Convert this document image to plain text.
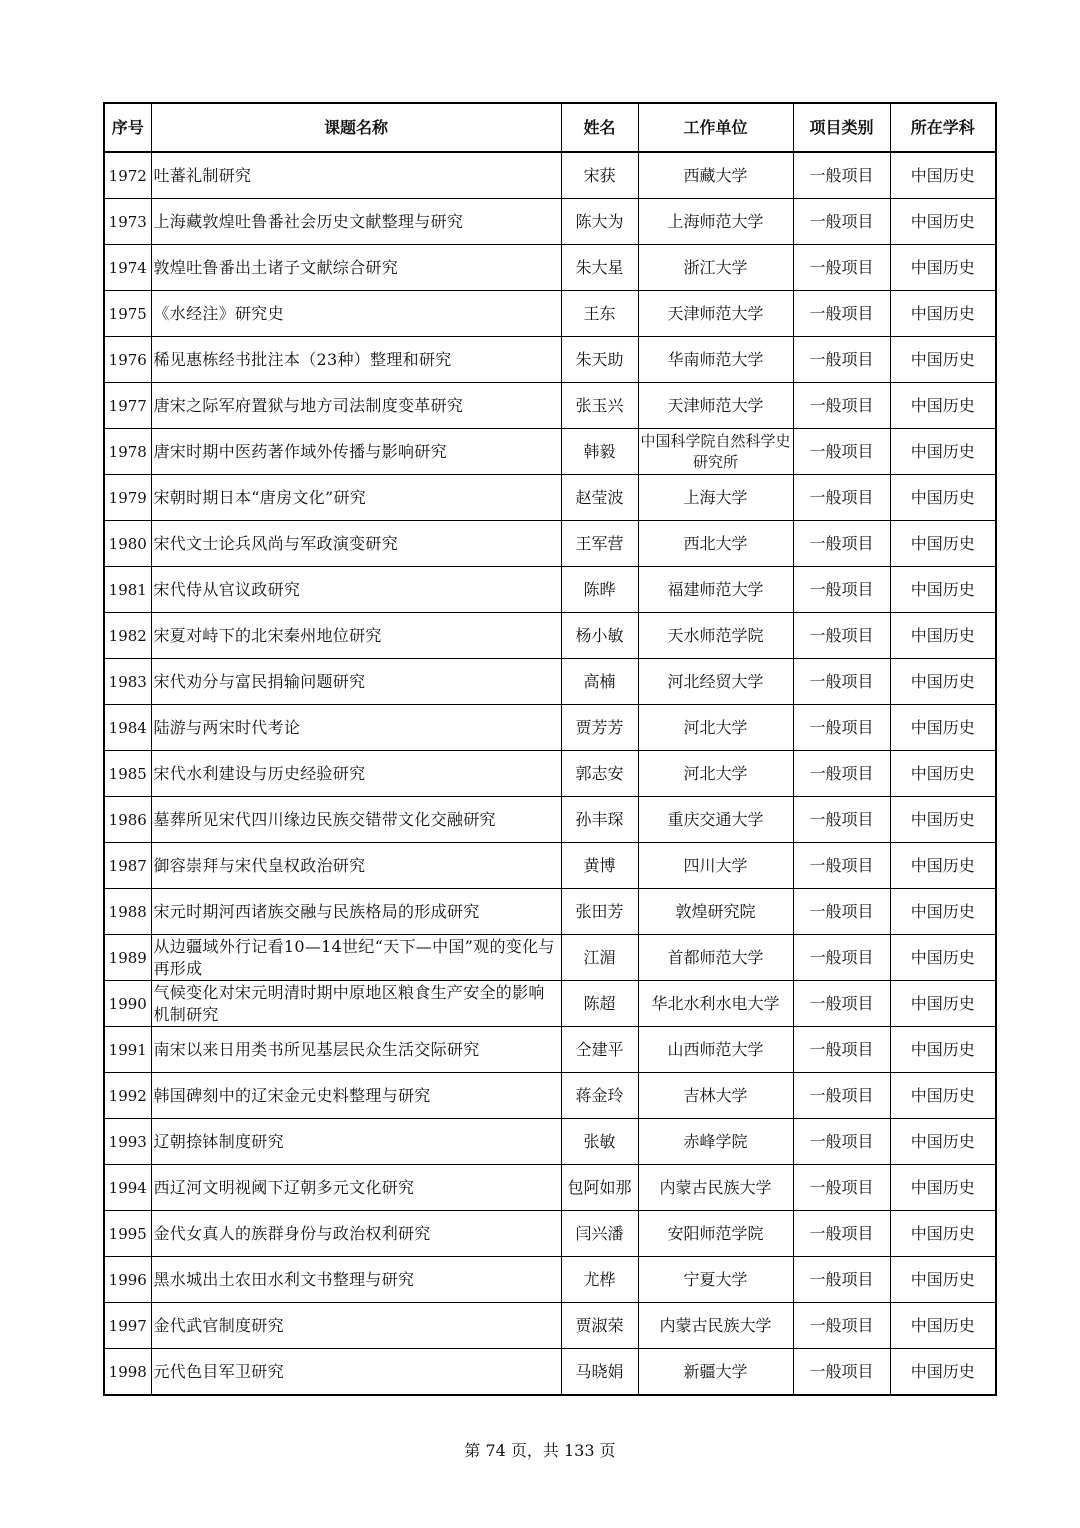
序号	课题名称	姓名	工作单位	项目类别	所在学科
1972	吐蕃礼制研究	宋获	西藏大学	一般项目	中国历史
1973	上海藏敦煌吐鲁番社会历史文献整理与研究	陈大为	上海师范大学	一般项目	中国历史
1974	敦煌吐鲁番出土诸子文献综合研究	朱大星	浙江大学	一般项目	中国历史
1975	《水经注》研究史	王东	天津师范大学	一般项目	中国历史
1976	稀见惠栋经书批注本（23种）整理和研究	朱天助	华南师范大学	一般项目	中国历史
1977	唐宋之际军府置狱与地方司法制度变革研究	张玉兴	天津师范大学	一般项目	中国历史
1978	唐宋时期中医药著作域外传播与影响研究	韩毅	中国科学院自然科学史研究所	一般项目	中国历史
1979	宋朝时期日本“唐房文化”研究	赵莹波	上海大学	一般项目	中国历史
1980	宋代文士论兵风尚与军政演变研究	王军营	西北大学	一般项目	中国历史
1981	宋代侍从官议政研究	陈晔	福建师范大学	一般项目	中国历史
1982	宋夏对峙下的北宋秦州地位研究	杨小敏	天水师范学院	一般项目	中国历史
1983	宋代劝分与富民捐输问题研究	高楠	河北经贸大学	一般项目	中国历史
1984	陆游与两宋时代考论	贾芳芳	河北大学	一般项目	中国历史
1985	宋代水利建设与历史经验研究	郭志安	河北大学	一般项目	中国历史
1986	墓葬所见宋代四川缘边民族交错带文化交融研究	孙丰琛	重庆交通大学	一般项目	中国历史
1987	御容崇拜与宋代皇权政治研究	黄博	四川大学	一般项目	中国历史
1988	宋元时期河西诸族交融与民族格局的形成研究	张田芳	敦煌研究院	一般项目	中国历史
1989	从边疆域外行记看10—14世纪“天下—中国”观的变化与再形成	江湄	首都师范大学	一般项目	中国历史
1990	气候变化对宋元明清时期中原地区粮食生产安全的影响机制研究	陈超	华北水利水电大学	一般项目	中国历史
1991	南宋以来日用类书所见基层民众生活交际研究	仝建平	山西师范大学	一般项目	中国历史
1992	韩国碑刻中的辽宋金元史料整理与研究	蒋金玲	吉林大学	一般项目	中国历史
1993	辽朝捺钵制度研究	张敏	赤峰学院	一般项目	中国历史
1994	西辽河文明视阈下辽朝多元文化研究	包阿如那	内蒙古民族大学	一般项目	中国历史
1995	金代女真人的族群身份与政治权利研究	闫兴潘	安阳师范学院	一般项目	中国历史
1996	黑水城出土农田水利文书整理与研究	尤桦	宁夏大学	一般项目	中国历史
1997	金代武官制度研究	贾淑荣	内蒙古民族大学	一般项目	中国历史
1998	元代色目军卫研究	马晓娟	新疆大学	一般项目	中国历史
第 74 页，共 133 页
